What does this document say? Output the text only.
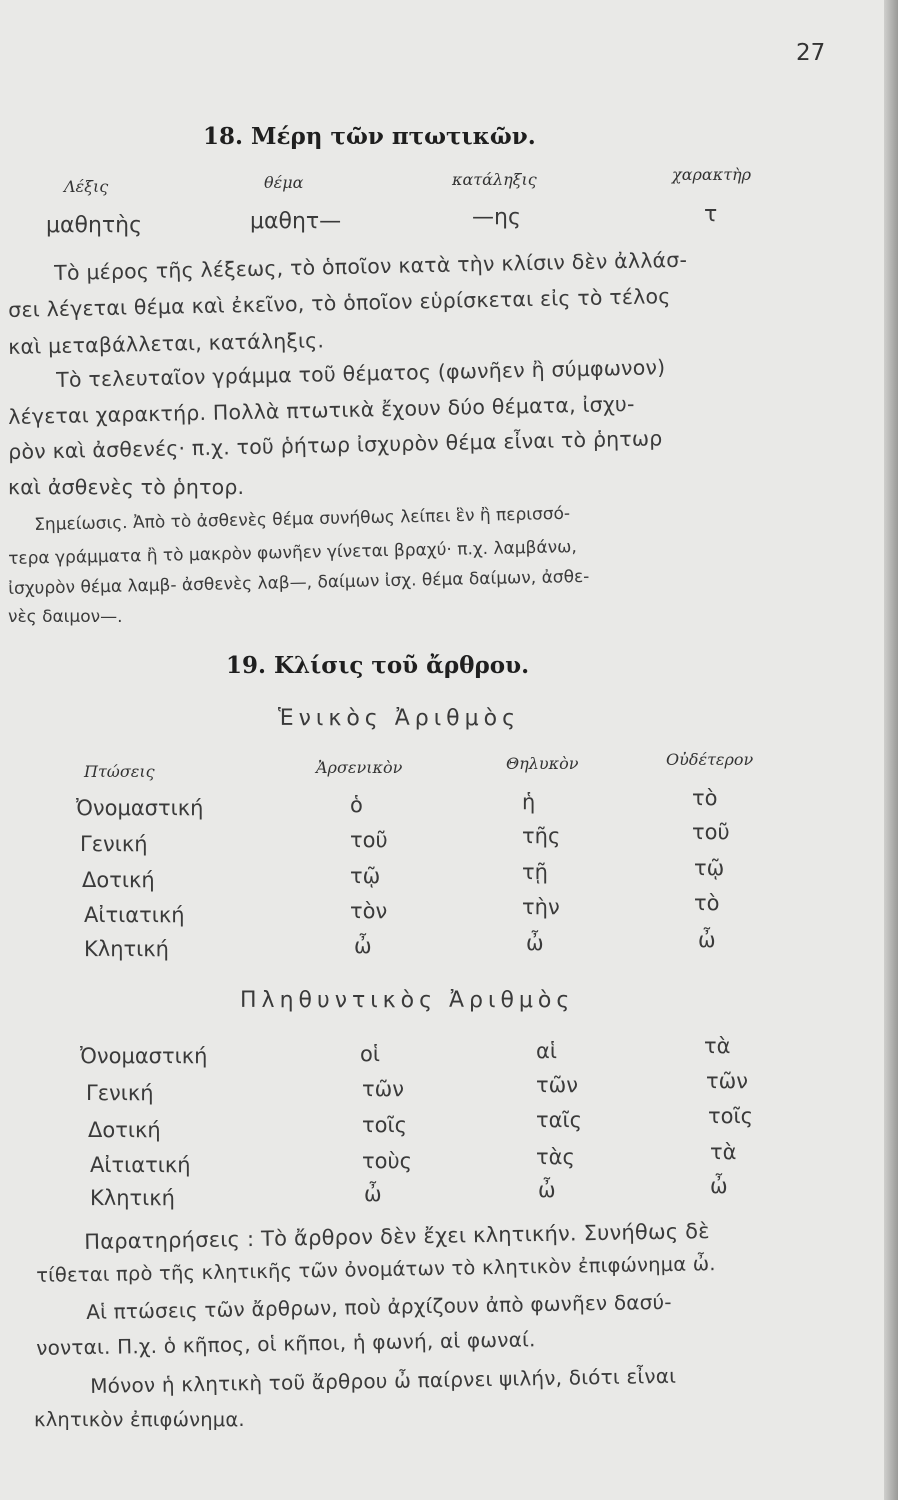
27
18. Μέρη τῶν πτωτικῶν.
Λέξις	θέμα	κατάληξις	χαρακτὴρ
μαθητὴς	μαθητ—	—ης	τ
Τὸ μέρος τῆς λέξεως, τὸ ὁποῖον κατὰ τὴν κλίσιν δὲν ἀλλάσ-
σει λέγεται θέμα καὶ ἐκεῖνο, τὸ ὁποῖον εὑρίσκεται εἰς τὸ τέλος
καὶ μεταβάλλεται, κατάληξις.
Τὸ τελευταῖον γράμμα τοῦ θέματος (φωνῆεν ἢ σύμφωνον)
λέγεται χαρακτήρ. Πολλὰ πτωτικὰ ἔχουν δύο θέματα, ἰσχυ-
ρὸν καὶ ἀσθενές· π.χ. τοῦ ῥήτωρ ἰσχυρὸν θέμα εἶναι τὸ ῥητωρ
καὶ ἀσθενὲς τὸ ῥητορ.
Σημείωσις. Ἀπὸ τὸ ἀσθενὲς θέμα συνήθως λείπει ἓν ἢ περισσό-
τερα γράμματα ἢ τὸ μακρὸν φωνῆεν γίνεται βραχύ· π.χ. λαμβάνω,
ἰσχυρὸν θέμα λαμβ- ἀσθενὲς λαβ—, δαίμων ἰσχ. θέμα δαίμων, ἀσθε-
νὲς δαιμον—.
19. Κλίσις τοῦ ἄρθρου.
Ἑνικὸς Ἀριθμὸς
Πτώσεις	Ἀρσενικὸν	Θηλυκὸν	Οὐδέτερον
Ὀνομαστική	ὁ	ἡ	τὸ
Γενική	τοῦ	τῆς	τοῦ
Δοτική	τῷ	τῇ	τῷ
Αἰτιατική	τὸν	τὴν	τὸ
Κλητική	ὦ	ὦ	ὦ
Πληθυντικὸς Ἀριθμὸς
Ὀνομαστική	οἱ	αἱ	τὰ
Γενική	τῶν	τῶν	τῶν
Δοτική	τοῖς	ταῖς	τοῖς
Αἰτιατική	τοὺς	τὰς	τὰ
Κλητική	ὦ	ὦ	ὦ
Παρατηρήσεις : Τὸ ἄρθρον δὲν ἔχει κλητικήν. Συνήθως δὲ
τίθεται πρὸ τῆς κλητικῆς τῶν ὀνομάτων τὸ κλητικὸν ἐπιφώνημα ὦ.
Αἱ πτώσεις τῶν ἄρθρων, ποὺ ἀρχίζουν ἀπὸ φωνῆεν δασύ-
νονται. Π.χ. ὁ κῆπος, οἱ κῆποι, ἡ φωνή, αἱ φωναί.
Μόνον ἡ κλητικὴ τοῦ ἄρθρου ὦ παίρνει ψιλήν, διότι εἶναι
κλητικὸν ἐπιφώνημα.
